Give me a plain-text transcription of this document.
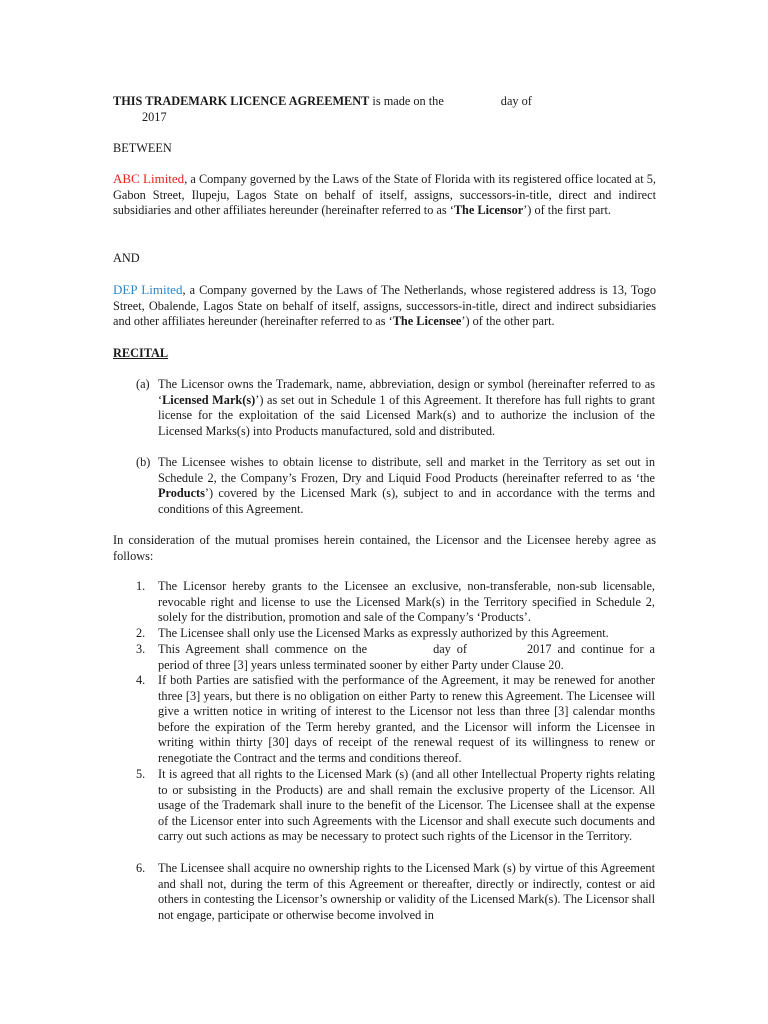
THIS TRADEMARK LICENCE AGREEMENT is made on the	day of
2017

BETWEEN

ABC Limited, a Company governed by the Laws of the State of Florida with its registered office located at 5, Gabon Street, Ilupeju, Lagos State on behalf of itself, assigns, successors-in-title, direct and indirect subsidiaries and other affiliates hereunder (hereinafter referred to as ‘The Licensor’) of the first part.

AND

DEP Limited, a Company governed by the Laws of The Netherlands, whose registered address is 13, Togo Street, Obalende, Lagos State on behalf of itself, assigns, successors-in-title, direct and indirect subsidiaries and other affiliates hereunder (hereinafter referred to as ‘The Licensee’) of the other part.

RECITAL

(a) The Licensor owns the Trademark, name, abbreviation, design or symbol (hereinafter referred to as ‘Licensed Mark(s)’) as set out in Schedule 1 of this Agreement. It therefore has full rights to grant license for the exploitation of the said Licensed Mark(s) and to authorize the inclusion of the Licensed Marks(s) into Products manufactured, sold and distributed.

(b) The Licensee wishes to obtain license to distribute, sell and market in the Territory as set out in Schedule 2, the Company’s Frozen, Dry and Liquid Food Products (hereinafter referred to as ‘the Products’) covered by the Licensed Mark (s), subject to and in accordance with the terms and conditions of this Agreement.

In consideration of the mutual promises herein contained, the Licensor and the Licensee hereby agree as follows:

1. The Licensor hereby grants to the Licensee an exclusive, non-transferable, non-sub licensable, revocable right and license to use the Licensed Mark(s) in the Territory specified in Schedule 2, solely for the distribution, promotion and sale of the Company’s ‘Products’.

2. The Licensee shall only use the Licensed Marks as expressly authorized by this Agreement.

3. This Agreement shall commence on the	day of	2017 and continue for a period of three [3] years unless terminated sooner by either Party under Clause 20.

4. If both Parties are satisfied with the performance of the Agreement, it may be renewed for another three [3] years, but there is no obligation on either Party to renew this Agreement. The Licensee will give a written notice in writing of interest to the Licensor not less than three [3] calendar months before the expiration of the Term hereby granted, and the Licensor will inform the Licensee in writing within thirty [30] days of receipt of the renewal request of its willingness to renew or renegotiate the Contract and the terms and conditions thereof.

5. It is agreed that all rights to the Licensed Mark (s) (and all other Intellectual Property rights relating to or subsisting in the Products) are and shall remain the exclusive property of the Licensor. All usage of the Trademark shall inure to the benefit of the Licensor. The Licensee shall at the expense of the Licensor enter into such Agreements with the Licensor and shall execute such documents and carry out such actions as may be necessary to protect such rights of the Licensor in the Territory.

6. The Licensee shall acquire no ownership rights to the Licensed Mark (s) by virtue of this Agreement and shall not, during the term of this Agreement or thereafter, directly or indirectly, contest or aid others in contesting the Licensor’s ownership or validity of the Licensed Mark(s). The Licensor shall not engage, participate or otherwise become involved in
